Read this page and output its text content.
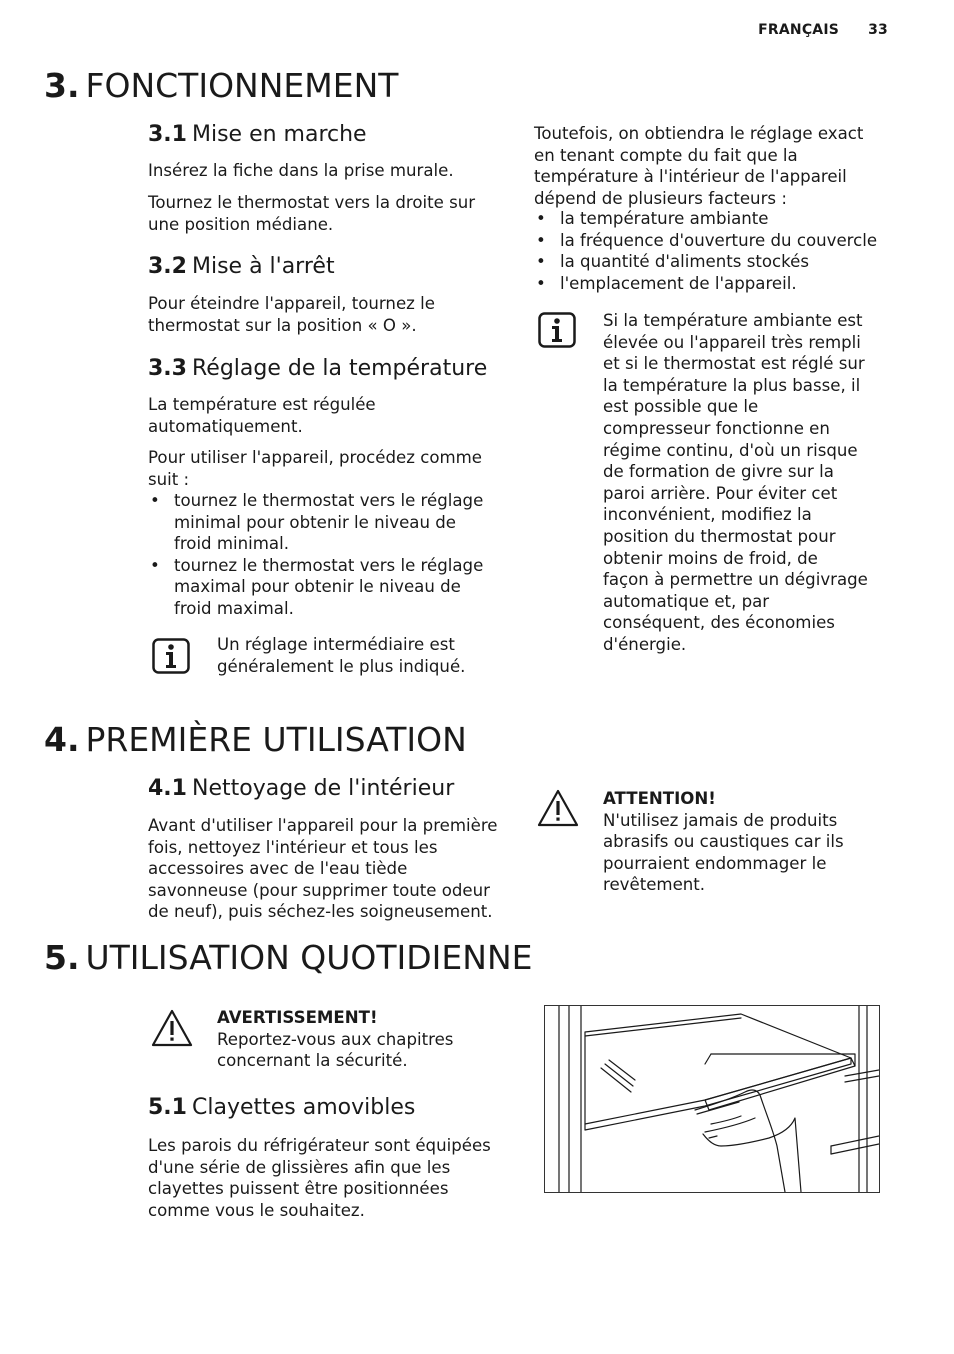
FRANÇAIS 33
3. FONCTIONNEMENT
3.1 Mise en marche

Insérez la fiche dans la prise murale.

Tournez le thermostat vers la droite sur une position médiane.

3.2 Mise à l'arrêt

Pour éteindre l'appareil, tournez le thermostat sur la position « O ».

3.3 Réglage de la température

La température est régulée automatiquement.

Pour utiliser l'appareil, procédez comme suit :

• tournez le thermostat vers le réglage minimal pour obtenir le niveau de froid minimal.
• tournez le thermostat vers le réglage maximal pour obtenir le niveau de froid maximal.
Un réglage intermédiaire est généralement le plus indiqué.

Toutefois, on obtiendra le réglage exact en tenant compte du fait que la température à l'intérieur de l'appareil dépend de plusieurs facteurs :

• la température ambiante
• la fréquence d'ouverture du couvercle
• la quantité d'aliments stockés
• l'emplacement de l'appareil.
Si la température ambiante est élevée ou l'appareil très rempli et si le thermostat est réglé sur la température la plus basse, il est possible que le compresseur fonctionne en régime continu, d'où un risque de formation de givre sur la paroi arrière. Pour éviter cet inconvénient, modifiez la position du thermostat pour obtenir moins de froid, de façon à permettre un dégivrage automatique et, par conséquent, des économies d'énergie.
4. PREMIÈRE UTILISATION
4.1 Nettoyage de l'intérieur

Avant d'utiliser l'appareil pour la première fois, nettoyez l'intérieur et tous les accessoires avec de l'eau tiède savonneuse (pour supprimer toute odeur de neuf), puis séchez-les soigneusement.

ATTENTION!
N'utilisez jamais de produits abrasifs ou caustiques car ils pourraient endommager le revêtement.
5. UTILISATION QUOTIDIENNE
AVERTISSEMENT!
Reportez-vous aux chapitres concernant la sécurité.
5.1 Clayettes amovibles

Les parois du réfrigérateur sont équipées d'une série de glissières afin que les clayettes puissent être positionnées comme vous le souhaitez.
